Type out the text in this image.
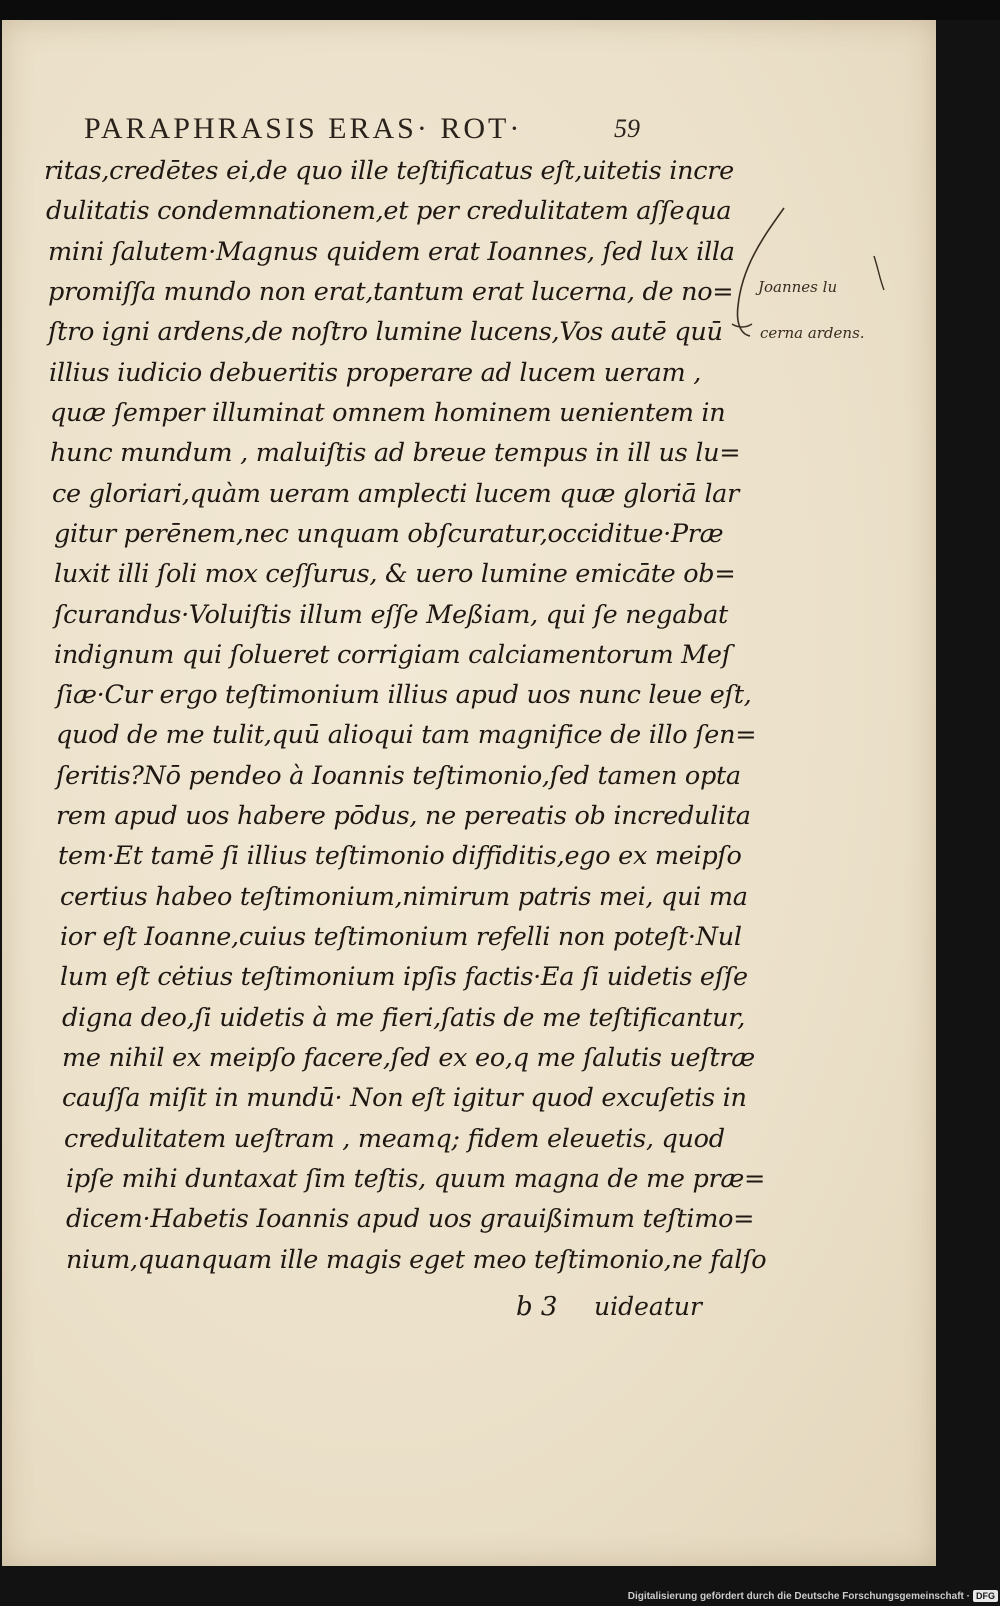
PARAPHRASIS ERAS· ROT·	59
ritas,credētes ei,de quo ille teſtificatus eſt,uitetis incre
dulitatis condemnationem,et per credulitatem aſſequa
mini ſalutem·Magnus quidem erat Ioannes, ſed lux illa
promiſſa mundo non erat,tantum erat lucerna, de no=
ſtro igni ardens,de noſtro lumine lucens,Vos autē quū
illius iudicio debueritis properare ad lucem ueram ,
quæ ſemper illuminat omnem hominem uenientem in
hunc mundum , maluiſtis ad breue tempus in ill us lu=
ce gloriari,quàm ueram amplecti lucem quæ gloriā lar
gitur perēnem,nec unquam obſcuratur,occiditue·Præ
luxit illi ſoli mox ceſſurus, & uero lumine emicāte ob=
ſcurandus·Voluiſtis illum eſſe Meßiam, qui ſe negabat
indignum qui ſolueret corrigiam calciamentorum Meſ
ſiæ·Cur ergo teſtimonium illius apud uos nunc leue eſt,
quod de me tulit,quū alioqui tam magnifice de illo ſen=
ſeritis?Nō pendeo à Ioannis teſtimonio,ſed tamen opta
rem apud uos habere pōdus, ne pereatis ob incredulita
tem·Et tamē ſi illius teſtimonio diffiditis,ego ex meipſo
certius habeo teſtimonium,nimirum patris mei, qui ma
ior eſt Ioanne,cuius teſtimonium refelli non poteſt·Nul
lum eſt cėtius teſtimonium ipſis factis·Ea ſi uidetis eſſe
digna deo,ſi uidetis à me fieri,ſatis de me teſtificantur,
me nihil ex meipſo facere,ſed ex eo,q me ſalutis ueſtræ
cauſſa miſit in mundū· Non eſt igitur quod excuſetis in
credulitatem ueſtram , meamq; fidem eleuetis, quod
ipſe mihi duntaxat ſim teſtis, quum magna de me præ=
dicem·Habetis Ioannis apud uos grauißimum teſtimo=
nium,quanquam ille magis eget meo teſtimonio,ne falſo
b 3 uideatur
Joannes lu
cerna ardens.
Digitalisierung gefördert durch die Deutsche Forschungsgemeinschaft · DFG
